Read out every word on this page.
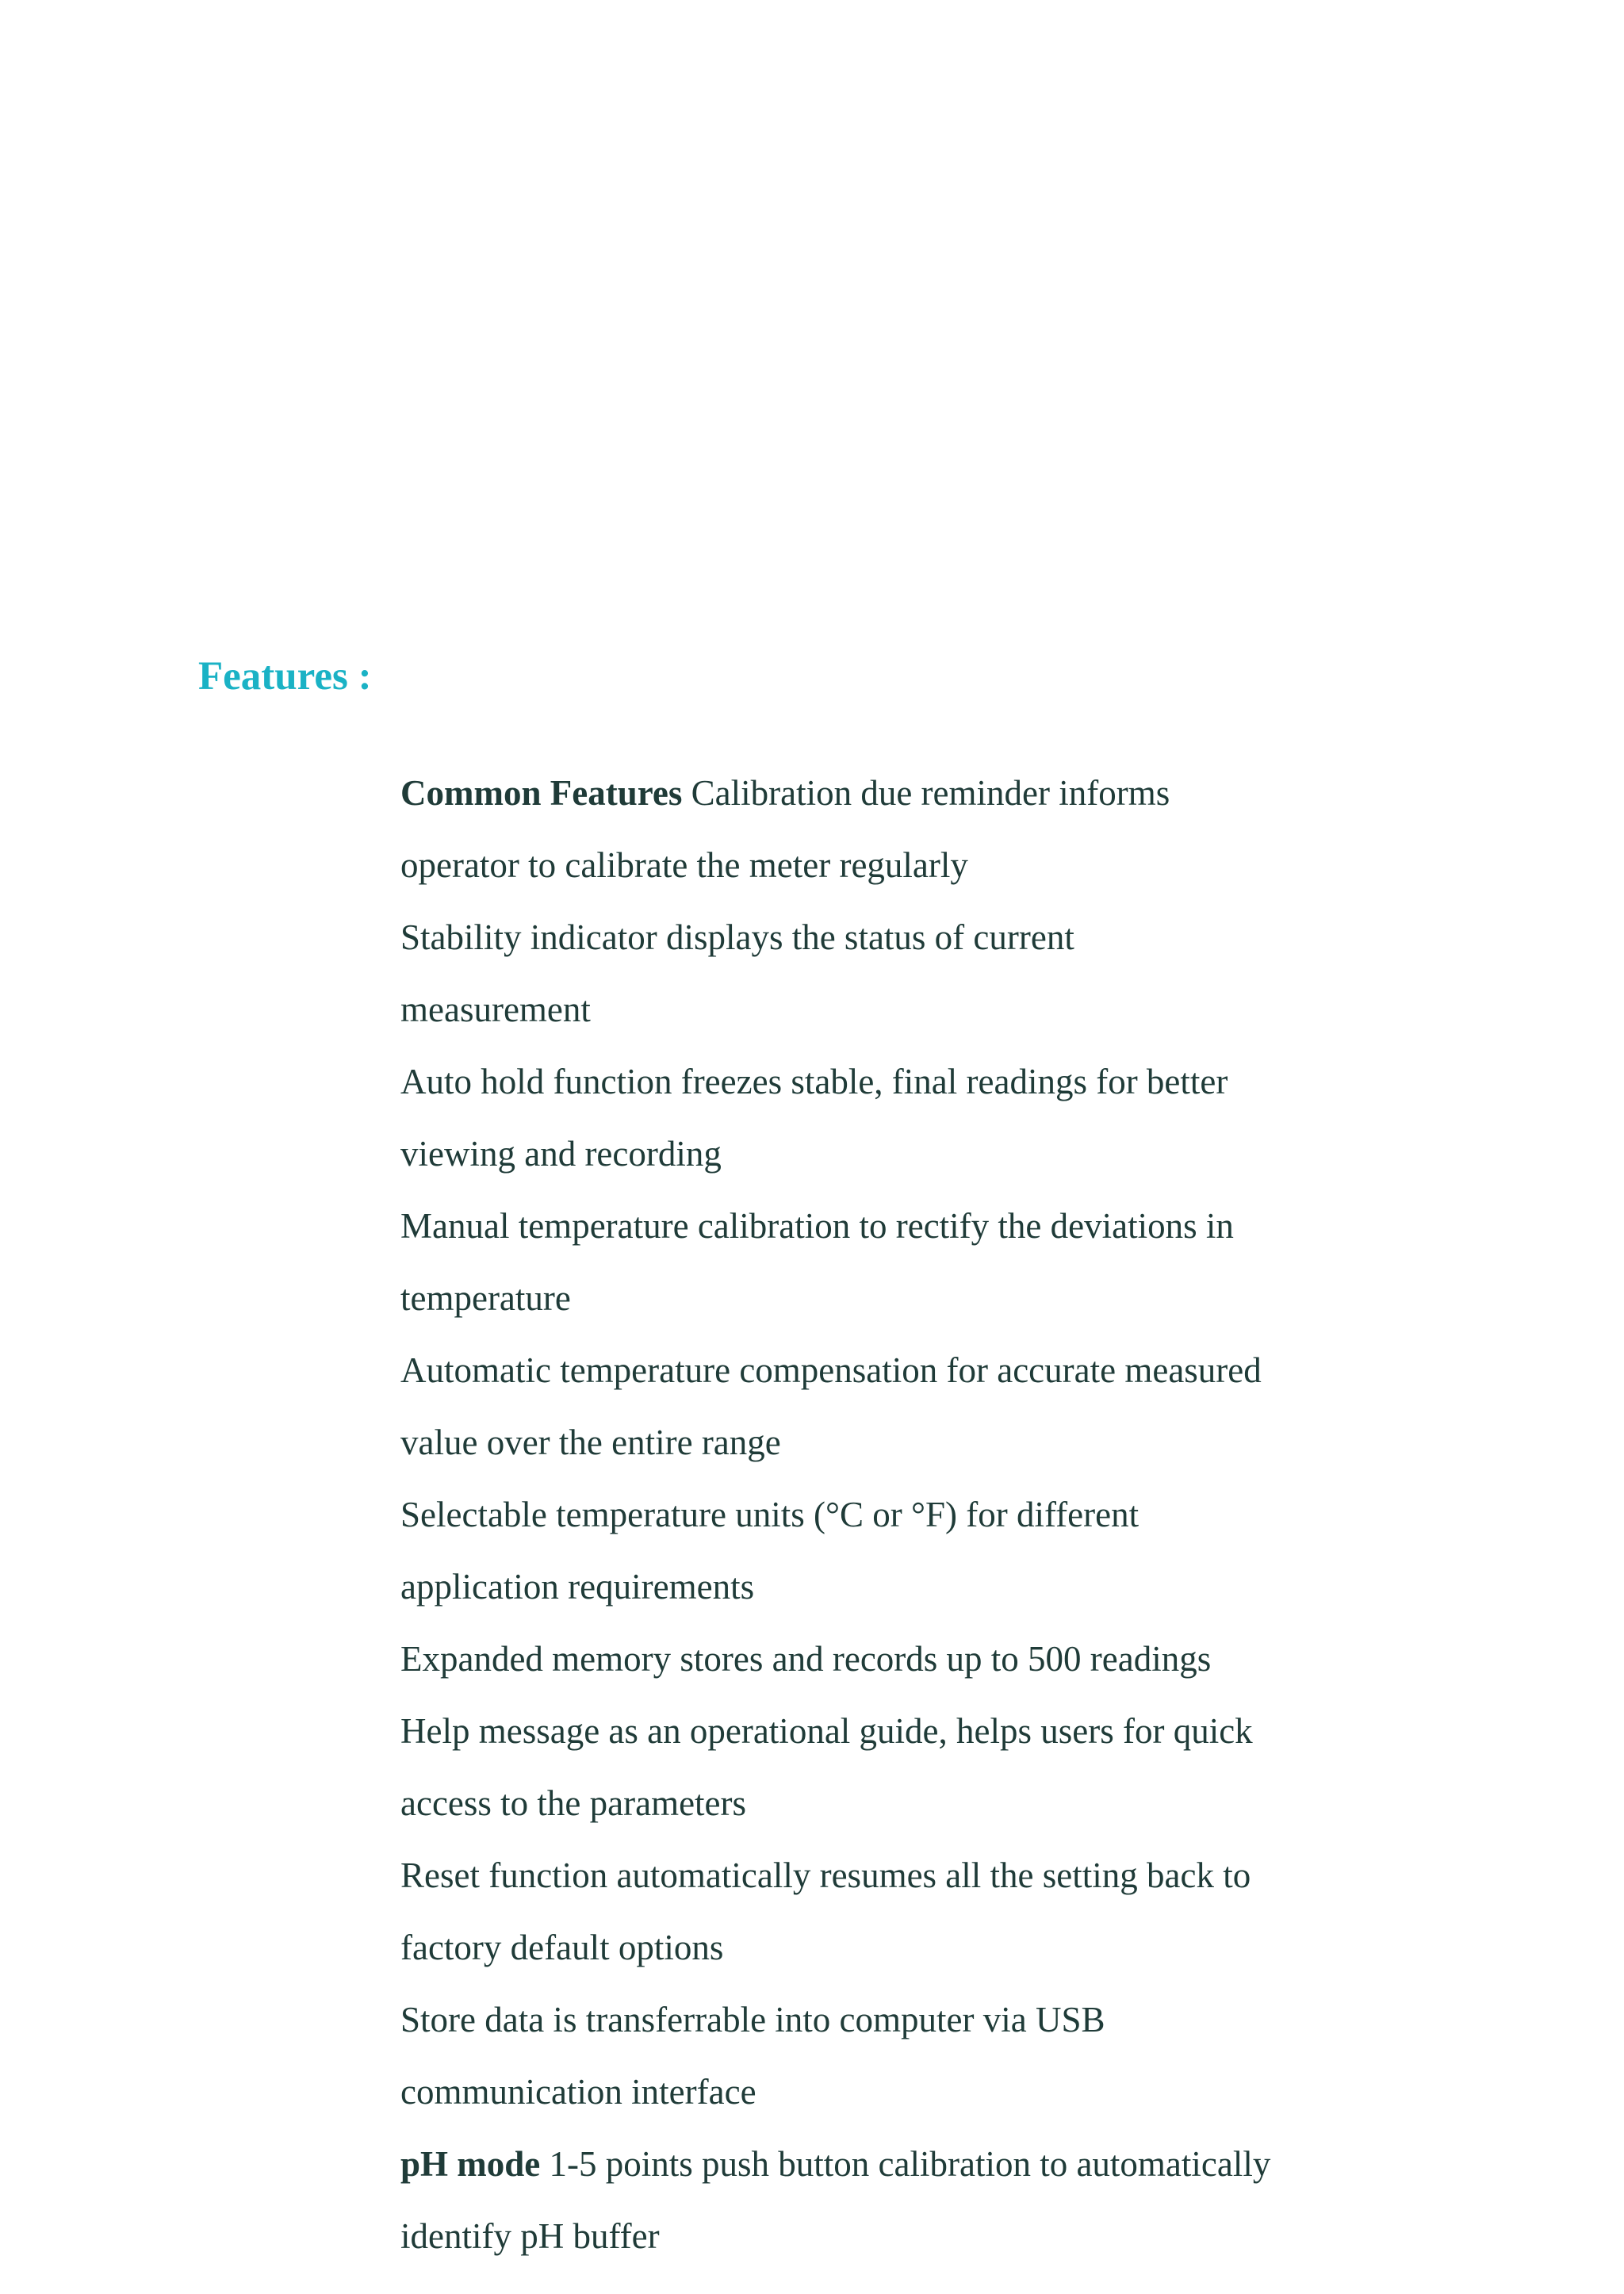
Features :
Common Features Calibration due reminder informs operator to calibrate the meter regularly
Stability indicator displays the status of current measurement
Auto hold function freezes stable, final readings for better viewing and recording
Manual temperature calibration to rectify the deviations in temperature
Automatic temperature compensation for accurate measured value over the entire range
Selectable temperature units (°C or °F) for different application requirements
Expanded memory stores and records up to 500 readings
Help message as an operational guide, helps users for quick access to the parameters
Reset function automatically resumes all the setting back to factory default options
Store data is transferrable into computer via USB communication interface
pH mode 1-5 points push button calibration to automatically identify pH buffer
